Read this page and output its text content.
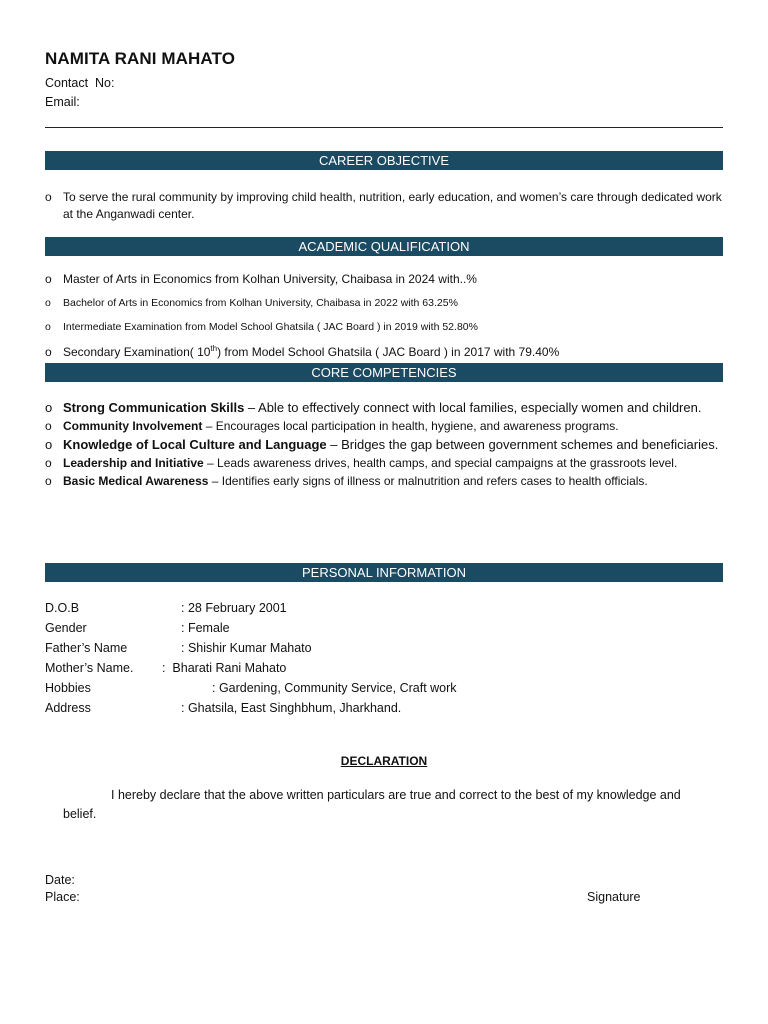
NAMITA RANI MAHATO
Contact  No:
Email:
CAREER OBJECTIVE
o To serve the rural community by improving child health, nutrition, early education, and women’s care through dedicated work at the Anganwadi center.
ACADEMIC QUALIFICATION
o Master of Arts in Economics from Kolhan University, Chaibasa in 2024 with..%
o Bachelor of Arts in Economics from Kolhan University, Chaibasa in 2022 with 63.25%
o Intermediate Examination from Model School Ghatsila ( JAC Board ) in 2019 with 52.80%
o Secondary Examination( 10th) from Model School Ghatsila ( JAC Board ) in 2017 with 79.40%
CORE COMPETENCIES
o Strong Communication Skills – Able to effectively connect with local families, especially women and children.
o Community Involvement – Encourages local participation in health, hygiene, and awareness programs.
o Knowledge of Local Culture and Language – Bridges the gap between government schemes and beneficiaries.
o Leadership and Initiative – Leads awareness drives, health camps, and special campaigns at the grassroots level.
o Basic Medical Awareness – Identifies early signs of illness or malnutrition and refers cases to health officials.
PERSONAL INFORMATION
D.O.B	: 28 February 2001
Gender	: Female
Father’s Name	: Shishir Kumar Mahato
Mother’s Name. :  Bharati Rani Mahato
Hobbies	: Gardening, Community Service, Craft work
Address	: Ghatsila, East Singhbhum, Jharkhand.
DECLARATION
I hereby declare that the above written particulars are true and correct to the best of my knowledge and belief.
Date:
Place:	Signature
